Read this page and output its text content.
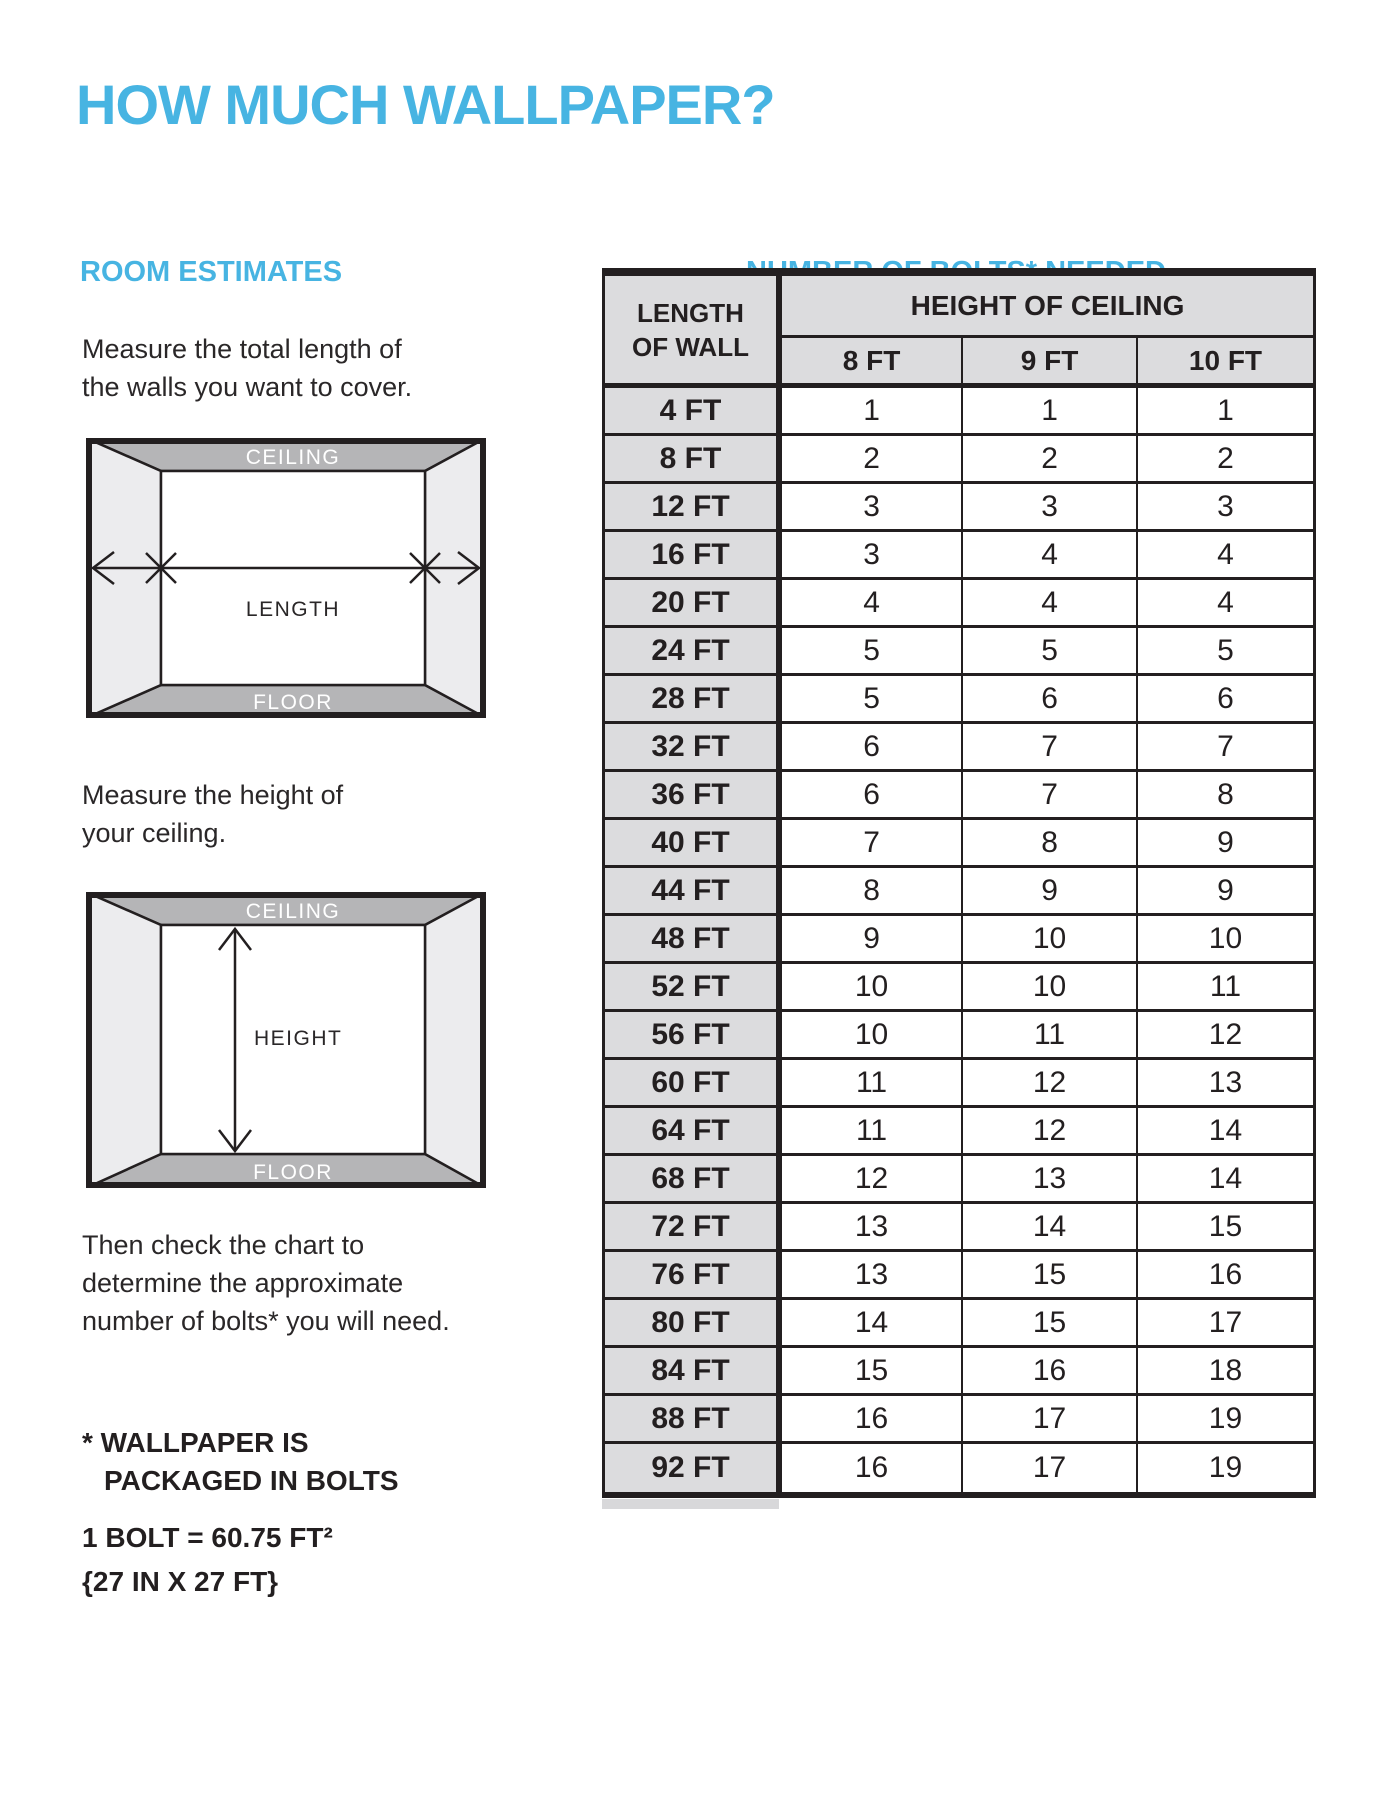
HOW MUCH WALLPAPER?
ROOM ESTIMATES
Measure the total length of
the walls you want to cover.
CEILING
FLOOR
LENGTH
Measure the height of
your ceiling.
CEILING
FLOOR
HEIGHT
Then check the chart to
determine the approximate
number of bolts* you will need.
* WALLPAPER IS
PACKAGED IN BOLTS
1 BOLT = 60.75 FT²
{27 IN X 27 FT}
LENGTH
OF WALL
HEIGHT OF CEILING
8 FT	9 FT	10 FT
4 FT	1	1	1
8 FT	2	2	2
12 FT	3	3	3
16 FT	3	4	4
20 FT	4	4	4
24 FT	5	5	5
28 FT	5	6	6
32 FT	6	7	7
36 FT	6	7	8
40 FT	7	8	9
44 FT	8	9	9
48 FT	9	10	10
52 FT	10	10	11
56 FT	10	11	12
60 FT	11	12	13
64 FT	11	12	14
68 FT	12	13	14
72 FT	13	14	15
76 FT	13	15	16
80 FT	14	15	17
84 FT	15	16	18
88 FT	16	17	19
92 FT	16	17	19
